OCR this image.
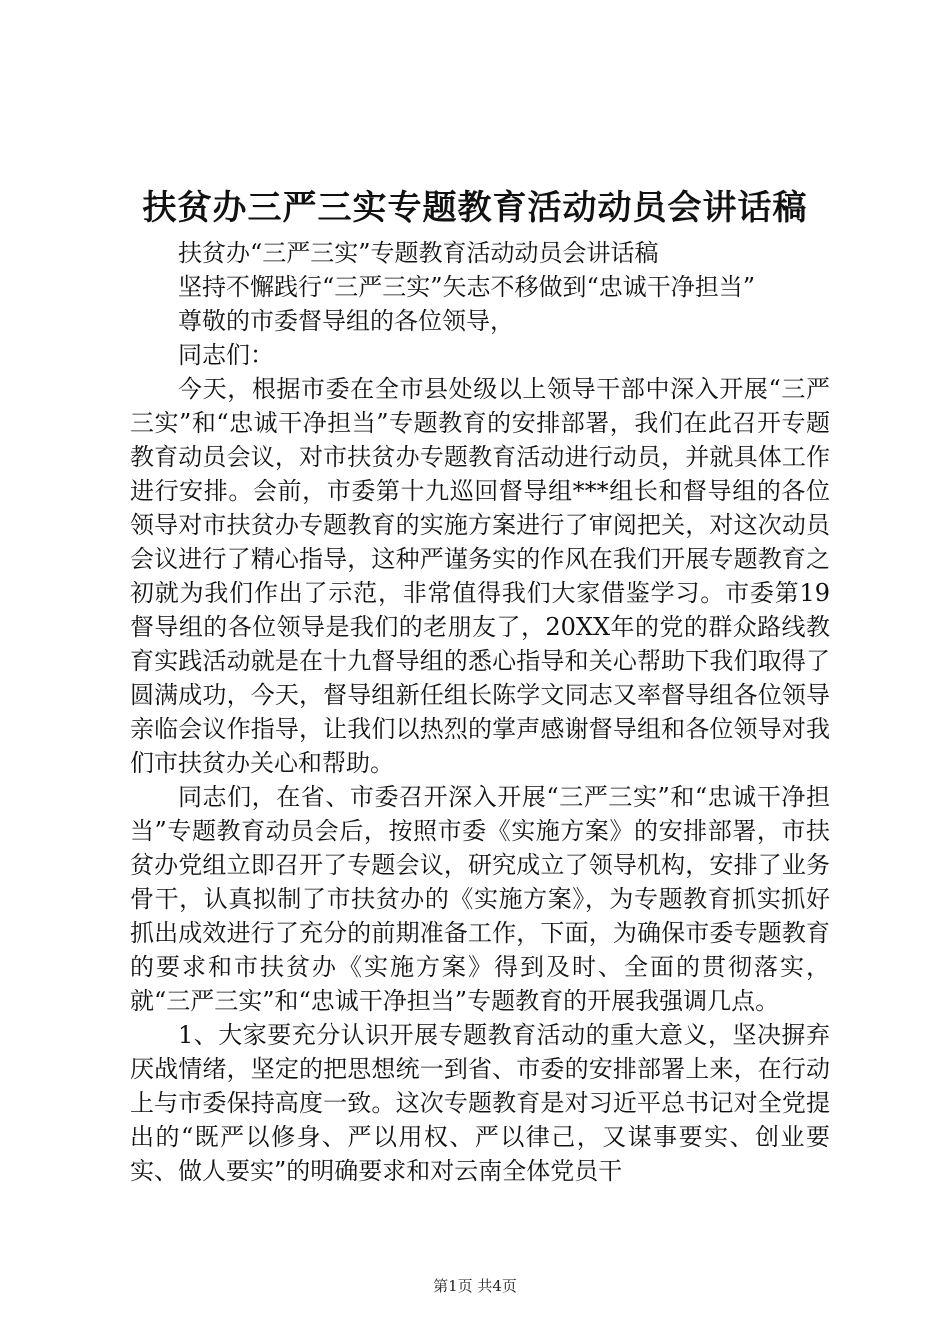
扶贫办三严三实专题教育活动动员会讲话稿

扶贫办“三严三实”专题教育活动动员会讲话稿

坚持不懈践行“三严三实”矢志不移做到“忠诚干净担当”

尊敬的市委督导组的各位领导，

同志们：

今天，根据市委在全市县处级以上领导干部中深入开展“三严三实”和“忠诚干净担当”专题教育的安排部署，我们在此召开专题教育动员会议，对市扶贫办专题教育活动进行动员，并就具体工作进行安排。会前，市委第十九巡回督导组***组长和督导组的各位领导对市扶贫办专题教育的实施方案进行了审阅把关，对这次动员会议进行了精心指导，这种严谨务实的作风在我们开展专题教育之初就为我们作出了示范，非常值得我们大家借鉴学习。市委第19督导组的各位领导是我们的老朋友了，20XX年的党的群众路线教育实践活动就是在十九督导组的悉心指导和关心帮助下我们取得了圆满成功，今天，督导组新任组长陈学文同志又率督导组各位领导亲临会议作指导，让我们以热烈的掌声感谢督导组和各位领导对我们市扶贫办关心和帮助。

同志们，在省、市委召开深入开展“三严三实”和“忠诚干净担当”专题教育动员会后，按照市委《实施方案》的安排部署，市扶贫办党组立即召开了专题会议，研究成立了领导机构，安排了业务骨干，认真拟制了市扶贫办的《实施方案》，为专题教育抓实抓好抓出成效进行了充分的前期准备工作，下面，为确保市委专题教育的要求和市扶贫办《实施方案》得到及时、全面的贯彻落实，就“三严三实”和“忠诚干净担当”专题教育的开展我强调几点。

1、大家要充分认识开展专题教育活动的重大意义，坚决摒弃厌战情绪，坚定的把思想统一到省、市委的安排部署上来，在行动上与市委保持高度一致。这次专题教育是对习近平总书记对全党提出的“既严以修身、严以用权、严以律己，又谋事要实、创业要实、做人要实”的明确要求和对云南全体党员干

第1页 共4页
